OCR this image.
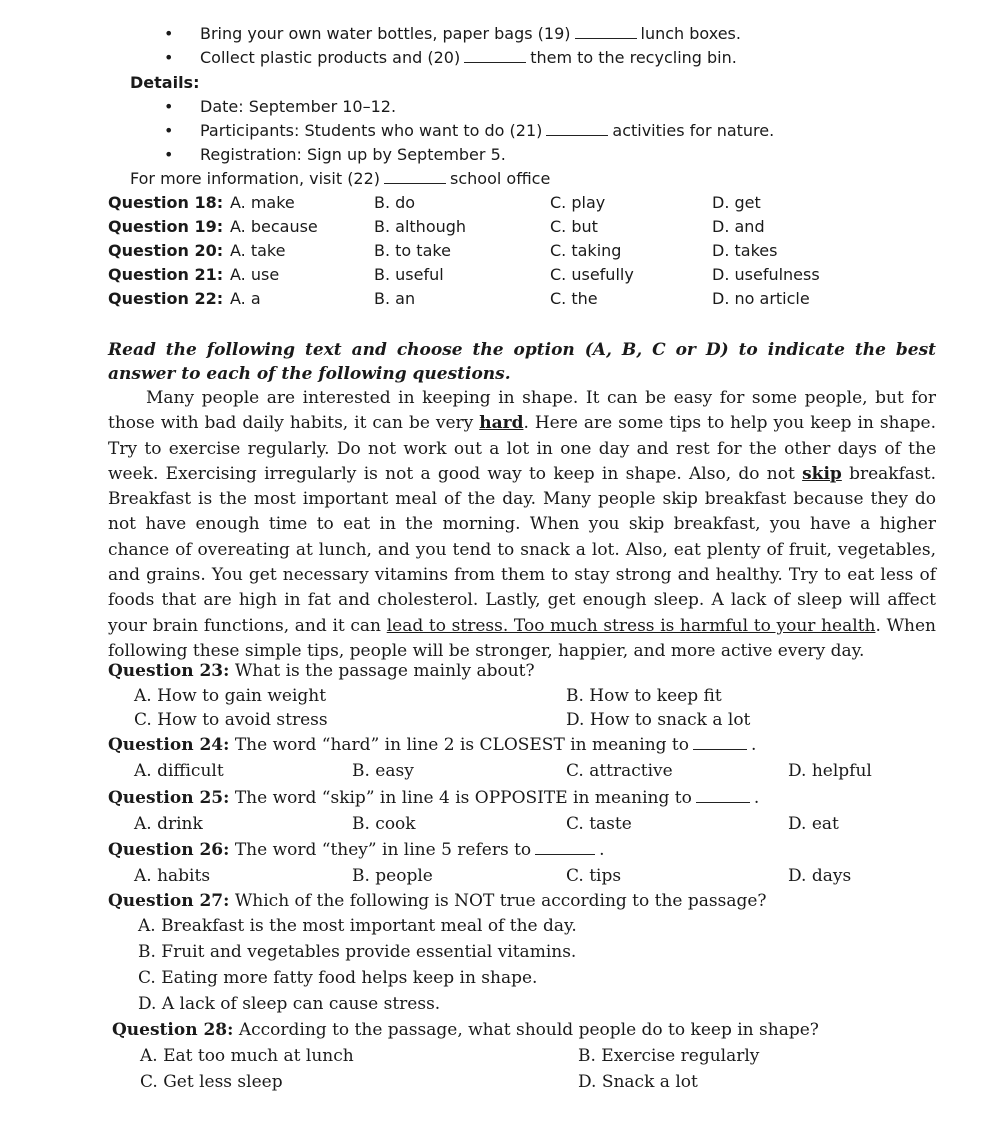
• Bring your own water bottles, paper bags (19)	lunch boxes.
• Collect plastic products and (20)	them to the recycling bin.
Details:
• Date: September 10–12.
• Participants: Students who want to do (21)	activities for nature.
• Registration: Sign up by September 5.
For more information, visit (22)	school office
Question 18: A. make	B. do	C. play	D. get
Question 19: A. because	B. although	C. but	D. and
Question 20: A. take	B. to take	C. taking	D. takes
Question 21: A. use	B. useful	C. usefully	D. usefulness
Question 22: A. a	B. an	C. the	D. no article
Read the following text and choose the option (A, B, C or D) to indicate the best answer to each of the following questions.

Many people are interested in keeping in shape. It can be easy for some people, but for those with bad daily habits, it can be very hard. Here are some tips to help you keep in shape. Try to exercise regularly. Do not work out a lot in one day and rest for the other days of the week. Exercising irregularly is not a good way to keep in shape. Also, do not skip breakfast. Breakfast is the most important meal of the day. Many people skip breakfast because they do not have enough time to eat in the morning. When you skip breakfast, you have a higher chance of overeating at lunch, and you tend to snack a lot. Also, eat plenty of fruit, vegetables, and grains. You get necessary vitamins from them to stay strong and healthy. Try to eat less of foods that are high in fat and cholesterol. Lastly, get enough sleep. A lack of sleep will affect your brain functions, and it can lead to stress. Too much stress is harmful to your health. When following these simple tips, people will be stronger, happier, and more active every day.

Question 23: What is the passage mainly about?
A. How to gain weight	B. How to keep fit
C. How to avoid stress	D. How to snack a lot
Question 24: The word “hard” in line 2 is CLOSEST in meaning to	.
A. difficult	B. easy	C. attractive	D. helpful
Question 25: The word “skip” in line 4 is OPPOSITE in meaning to	.
A. drink	B. cook	C. taste	D. eat
Question 26: The word “they” in line 5 refers to	.
A. habits	B. people	C. tips	D. days
Question 27: Which of the following is NOT true according to the passage?
A. Breakfast is the most important meal of the day.
B. Fruit and vegetables provide essential vitamins.
C. Eating more fatty food helps keep in shape.
D. A lack of sleep can cause stress.
Question 28: According to the passage, what should people do to keep in shape?
A. Eat too much at lunch	B. Exercise regularly
C. Get less sleep	D. Snack a lot
